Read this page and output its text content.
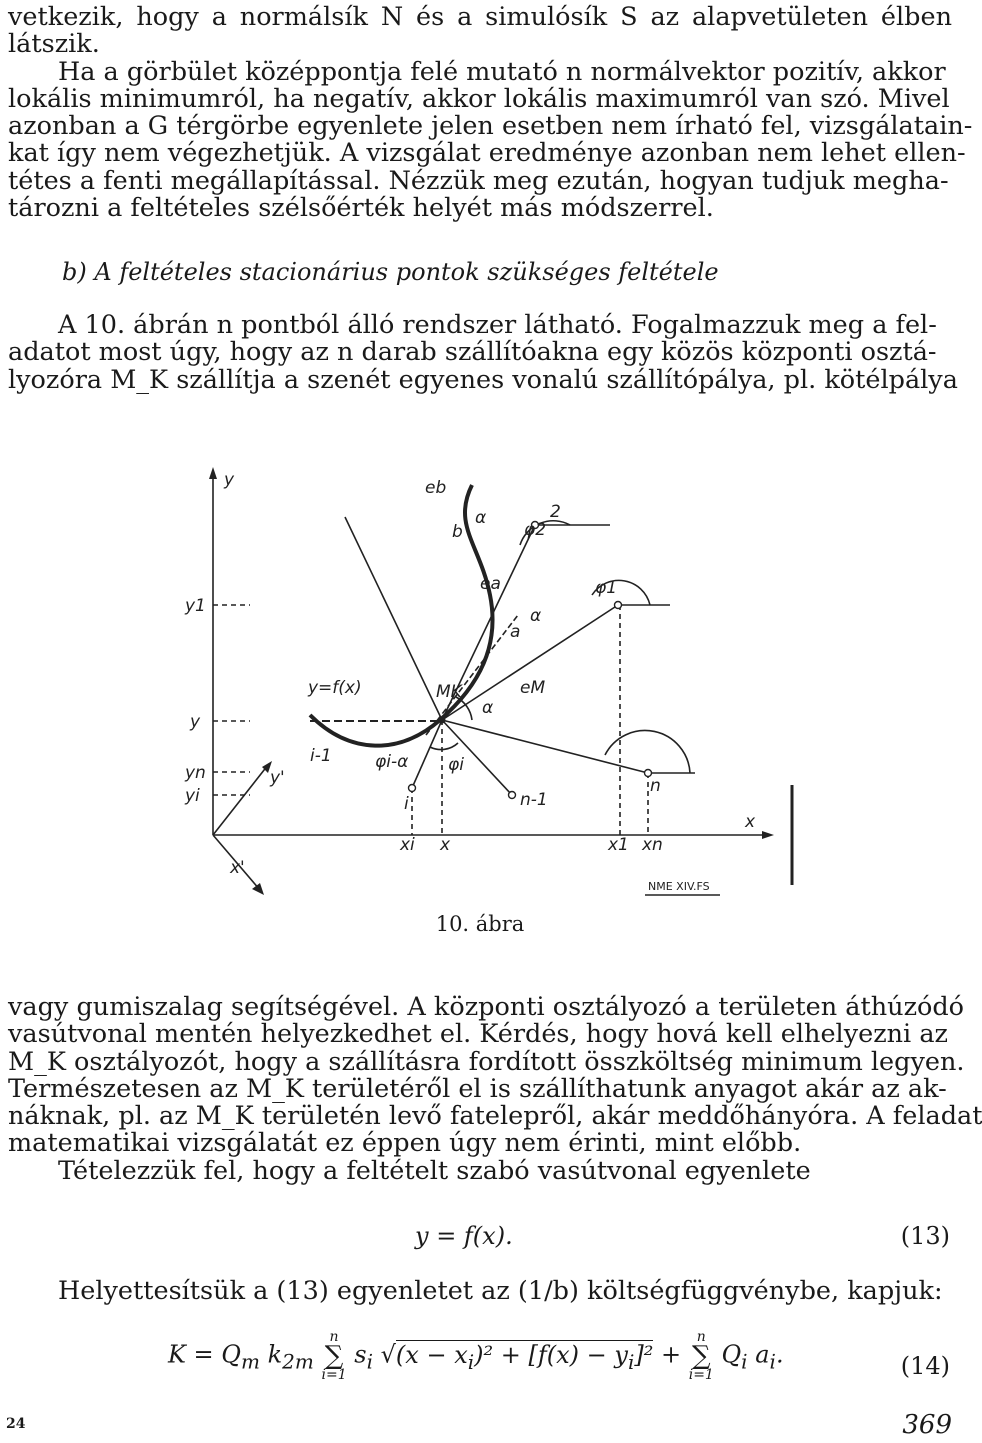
vetkezik, hogy a normálsík N és a simulósík S az alapvetületen élben
látszik.
Ha a görbület középpontja felé mutató n normálvektor pozitív, akkor
lokális minimumról, ha negatív, akkor lokális maximumról van szó. Mivel
azonban a G térgörbe egyenlete jelen esetben nem írható fel, vizsgálatain-
kat így nem végezhetjük. A vizsgálat eredménye azonban nem lehet ellen-
tétes a fenti megállapítással. Nézzük meg ezután, hogyan tudjuk megha-
tározni a feltételes szélsőérték helyét más módszerrel.
b) A feltételes stacionárius pontok szükséges feltétele
A 10. ábrán n pontból álló rendszer látható. Fogalmazzuk meg a fel-
adatot most úgy, hogy az n darab szállítóakna egy közös központi osztá-
lyozóra M_K szállítja a szenét egyenes vonalú szállítópálya, pl. kötélpálya
y
x
y1
y
yn
yi
xi x	x1 xn
y=f(x)
eb
ea
eM
MK
a
b
α
α
α
φ2
φ1
φi
φi-α
2
n
n-1
i
i-1
y'
x'
NME XIV.FS
10. ábra
vagy gumiszalag segítségével. A központi osztályozó a területen áthúzódó
vasútvonal mentén helyezkedhet el. Kérdés, hogy hová kell elhelyezni az
M_K osztályozót, hogy a szállításra fordított összköltség minimum legyen.
Természetesen az M_K területéről el is szállíthatunk anyagot akár az ak-
náknak, pl. az M_K területén levő fatelepről, akár meddőhányóra. A feladat
matematikai vizsgálatát ez éppen úgy nem érinti, mint előbb.
Tételezzük fel, hogy a feltételt szabó vasútvonal egyenlete
y = f(x).	(13)
Helyettesítsük a (13) egyenletet az (1/b) költségfüggvénybe, kapjuk:
$K = Q_m$ $k_{2m}$
n
∑
i=1
$s_i$ $√(x - x_i)^2 + [f(x) - y_i]^2$ +
n
∑
i=1
$Q_i$ $a_i$.	(14)
24	369
